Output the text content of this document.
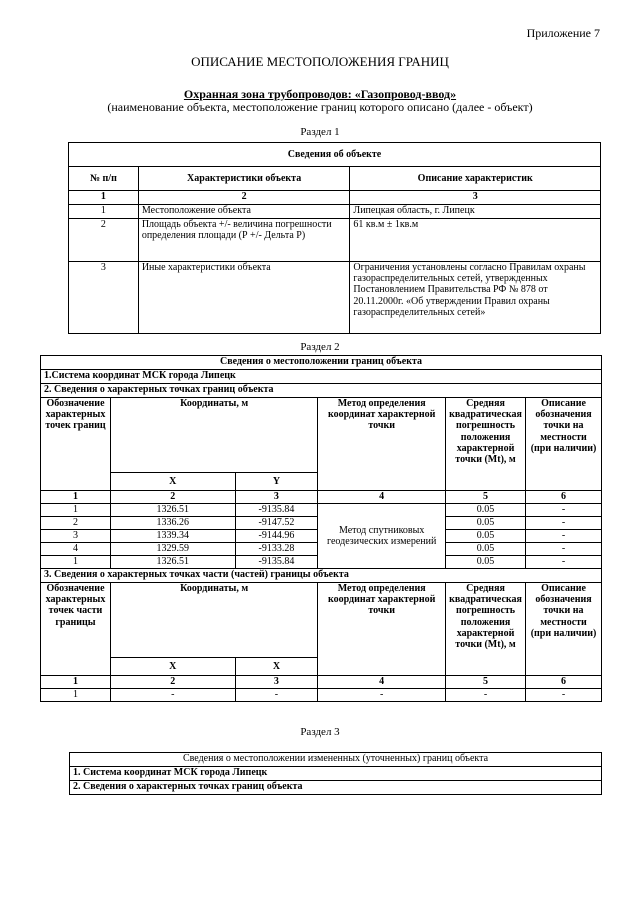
Приложение 7
ОПИСАНИЕ МЕСТОПОЛОЖЕНИЯ ГРАНИЦ
Охранная зона трубопроводов: «Газопровод-ввод»
(наименование объекта, местоположение границ которого описано (далее - объект)
Раздел 1
Сведения об объекте		
№ п/п	Характеристики объекта	Описание характеристик
1	2	3
1	Местоположение объекта	Липецкая область, г. Липецк
2	Площадь объекта +/- величина погрешности определения площади (Р +/- Дельта Р)	61 кв.м ± 1кв.м
3	Иные характеристики объекта	Ограничения установлены согласно Правилам охраны газораспределительных сетей, утвержденных Постановлением Правительства РФ № 878 от 20.11.2000г. «Об утверждении Правил охраны газораспределительных сетей»
Раздел 2
Сведения о местоположении границ объекта					
1.Система координат МСК города Липецк					
2. Сведения о характерных точках границ объекта					
Обозначение характерных точек границ	Координаты, м		Метод определения координат характерной точки	Средняя квадратическая погрешность положения характерной точки (Mt), м	Описание обозначения точки на местности (при наличии)
	X	Y			
1	2	3	4	5	6
1	1326.51	-9135.84	Метод спутниковых геодезических измерений	0.05	-
2	1336.26	-9147.52		0.05	-
3	1339.34	-9144.96		0.05	-
4	1329.59	-9133.28		0.05	-
1	1326.51	-9135.84		0.05	-
3. Сведения о характерных точках части (частей) границы объекта					
Обозначение характерных точек части границы	Координаты, м		Метод определения координат характерной точки	Средняя квадратическая погрешность положения характерной точки (Mt), м	Описание обозначения точки на местности (при наличии)
	X	X			
1	2	3	4	5	6
1	-	-	-	-	-
Раздел 3
Сведения о местоположении измененных (уточненных) границ объекта
1. Система координат МСК города Липецк
2. Сведения о характерных точках границ объекта
